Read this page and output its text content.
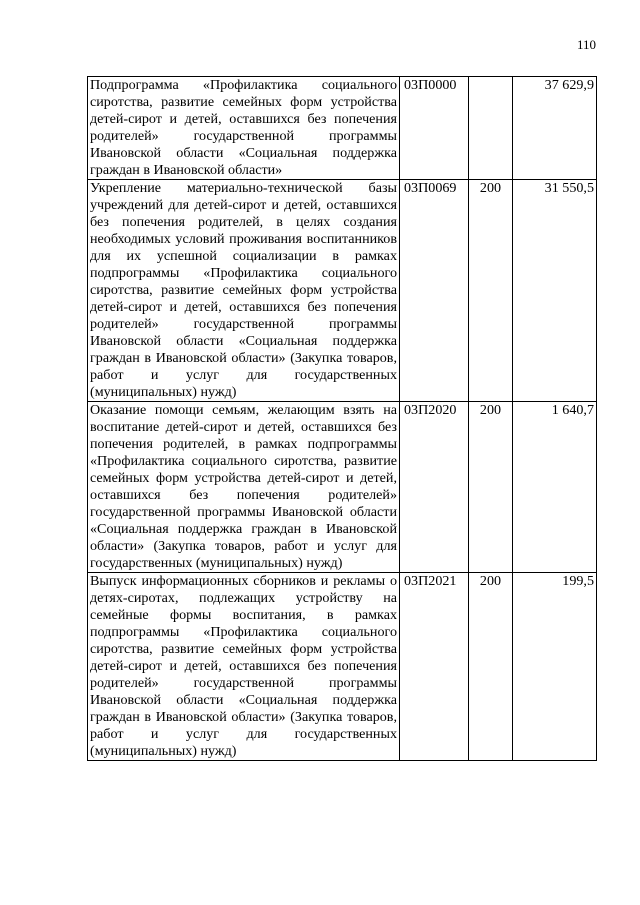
110
Подпрограмма «Профилактика социального сиротства, развитие семейных форм устройства детей-сирот и детей, оставшихся без попечения родителей» государственной программы Ивановской области «Социальная поддержка граждан в Ивановской области»	03П0000		37 629,9
Укрепление материально-технической базы учреждений для детей-сирот и детей, оставшихся без попечения родителей, в целях создания необходимых условий проживания воспитанников для их успешной социализации в рамках подпрограммы «Профилактика социального сиротства, развитие семейных форм устройства детей-сирот и детей, оставшихся без попечения родителей» государственной программы Ивановской области «Социальная поддержка граждан в Ивановской области» (Закупка товаров, работ и услуг для государственных (муниципальных) нужд)	03П0069	200	31 550,5
Оказание помощи семьям, желающим взять на воспитание детей-сирот и детей, оставшихся без попечения родителей, в рамках подпрограммы «Профилактика социального сиротства, развитие семейных форм устройства детей-сирот и детей, оставшихся без попечения родителей» государственной программы Ивановской области «Социальная поддержка граждан в Ивановской области» (Закупка товаров, работ и услуг для государственных (муниципальных) нужд)	03П2020	200	1 640,7
Выпуск информационных сборников и рекламы о детях-сиротах, подлежащих устройству на семейные формы воспитания, в рамках подпрограммы «Профилактика социального сиротства, развитие семейных форм устройства детей-сирот и детей, оставшихся без попечения родителей» государственной программы Ивановской области «Социальная поддержка граждан в Ивановской области» (Закупка товаров, работ и услуг для государственных (муниципальных) нужд)	03П2021	200	199,5
